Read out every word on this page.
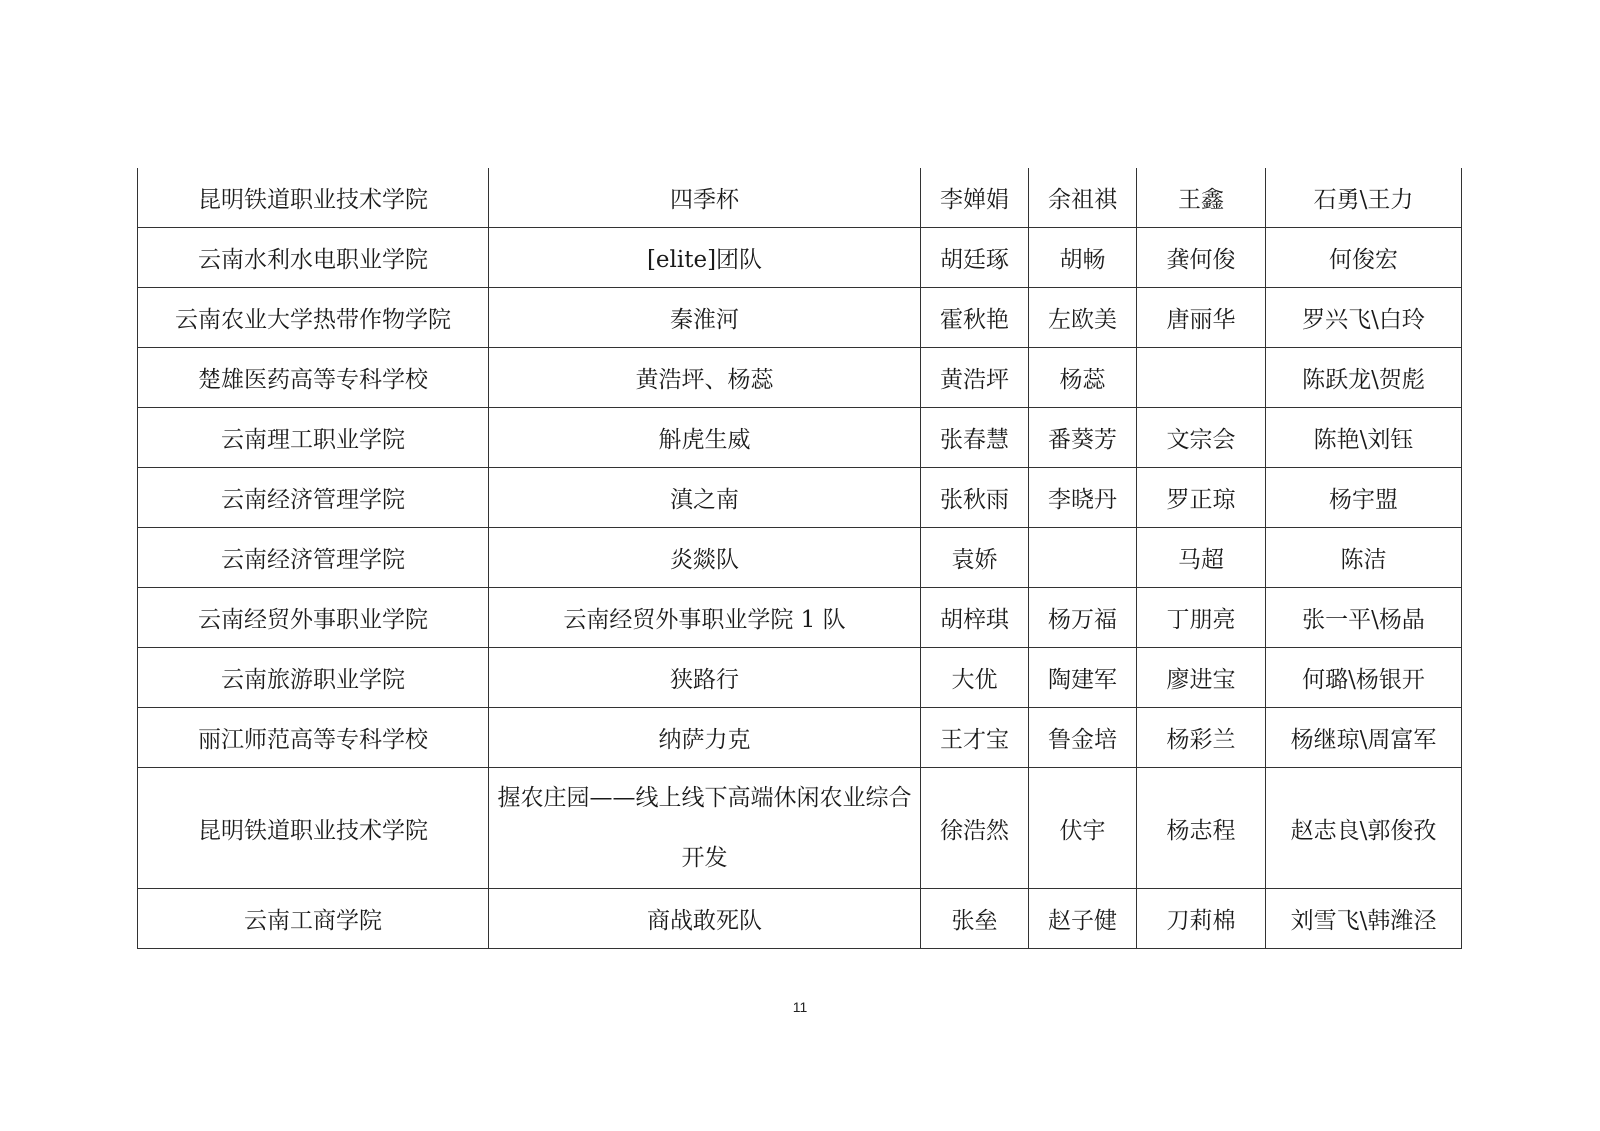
昆明铁道职业技术学院	四季杯	李婵娟	余祖祺	王鑫	石勇\王力
云南水利水电职业学院	[elite]团队	胡廷琢	胡畅	龚何俊	何俊宏
云南农业大学热带作物学院	秦淮河	霍秋艳	左欧美	唐丽华	罗兴飞\白玲
楚雄医药高等专科学校	黄浩坪、杨蕊	黄浩坪	杨蕊		陈跃龙\贺彪
云南理工职业学院	斛虎生威	张春慧	番葵芳	文宗会	陈艳\刘钰
云南经济管理学院	滇之南	张秋雨	李晓丹	罗正琼	杨宇盟
云南经济管理学院	炎燚队	袁娇		马超	陈洁
云南经贸外事职业学院	云南经贸外事职业学院 1 队	胡梓琪	杨万福	丁朋亮	张一平\杨晶
云南旅游职业学院	狭路行	大优	陶建军	廖进宝	何璐\杨银开
丽江师范高等专科学校	纳萨力克	王才宝	鲁金培	杨彩兰	杨继琼\周富军
昆明铁道职业技术学院	握农庄园——线上线下高端休闲农业综合开发	徐浩然	伏宇	杨志程	赵志良\郭俊孜
云南工商学院	商战敢死队	张垒	赵子健	刀莉棉	刘雪飞\韩潍泾
11
